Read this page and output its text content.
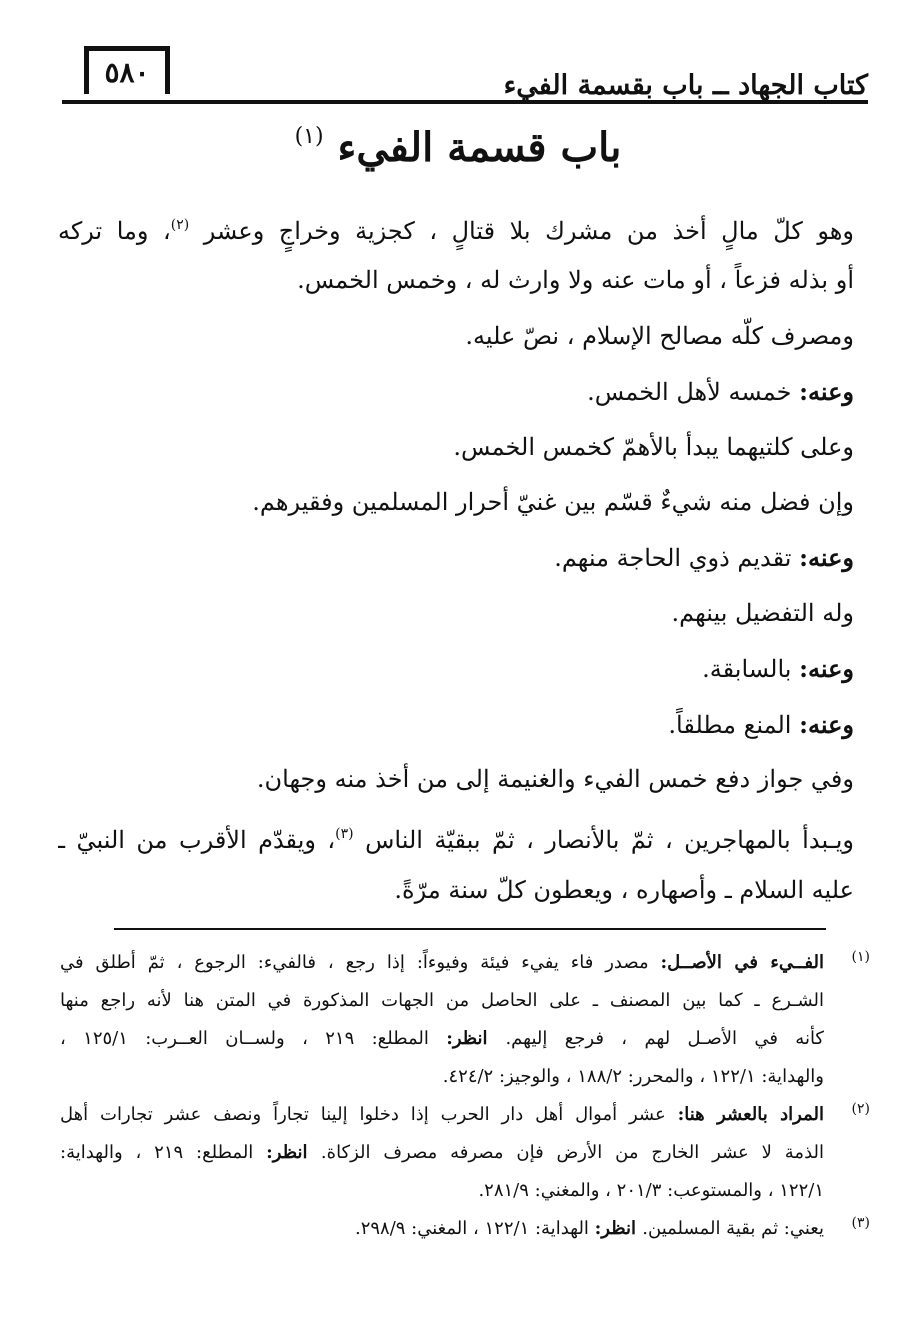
٥٨٠	كتاب الجهاد ــ باب بقسمة الفيء
باب قسمة الفيء $^{(١)}$

وهو كلّ مالٍ أخذ من مشرك بلا قتالٍ ، كجزية وخراجٍ وعشر $^{(٢)}$، وما تركه

أو بذله فزعاً ، أو مات عنه ولا وارث له ، وخمس الخمس.

ومصرف كلّه مصالح الإسلام ، نصّ عليه.

وعنه: خمسه لأهل الخمس.

وعلى كلتيهما يبدأ بالأهمّ كخمس الخمس.

وإن فضل منه شيءٌ قسّم بين غنيّ أحرار المسلمين وفقيرهم.

وعنه: تقديم ذوي الحاجة منهم.

وله التفضيل بينهم.

وعنه: بالسابقة.

وعنه: المنع مطلقاً.

وفي جواز دفع خمس الفيء والغنيمة إلى من أخذ منه وجهان.

ويـبدأ بالمهاجرين ، ثمّ بالأنصار ، ثمّ ببقيّة الناس $^{(٣)}$، ويقدّم الأقرب من النبيّ ـ

عليه السلام ـ وأصهاره ، ويعطون كلّ سنة مرّةً.

(١)
الفــيء في الأصــل: مصدر فاء يفيء فيئة وفيوءاً: إذا رجع ، فالفيء: الرجوع ، ثمّ أطلق في
الشـرع ـ كما بين المصنف ـ على الحاصل من الجهات المذكورة في المتن هنا لأنه راجع منها
كأنه في الأصـل لهم ، فرجع إليهم. انظر: المطلع: ٢١٩ ، ولســان العــرب: ١٢٥/١ ،
والهداية: ١٢٢/١ ، والمحرر: ١٨٨/٢ ، والوجيز: ٤٢٤/٢.
(٢)
المراد بالعشر هنا: عشر أموال أهل دار الحرب إذا دخلوا إلينا تجاراً ونصف عشر تجارات أهل
الذمة لا عشر الخارج من الأرض فإن مصرفه مصرف الزكاة. انظر: المطلع: ٢١٩ ، والهداية:
١٢٢/١ ، والمستوعب: ٢٠١/٣ ، والمغني: ٢٨١/٩.
(٣)
يعني: ثم بقية المسلمين. انظر: الهداية: ١٢٢/١ ، المغني: ٢٩٨/٩.
